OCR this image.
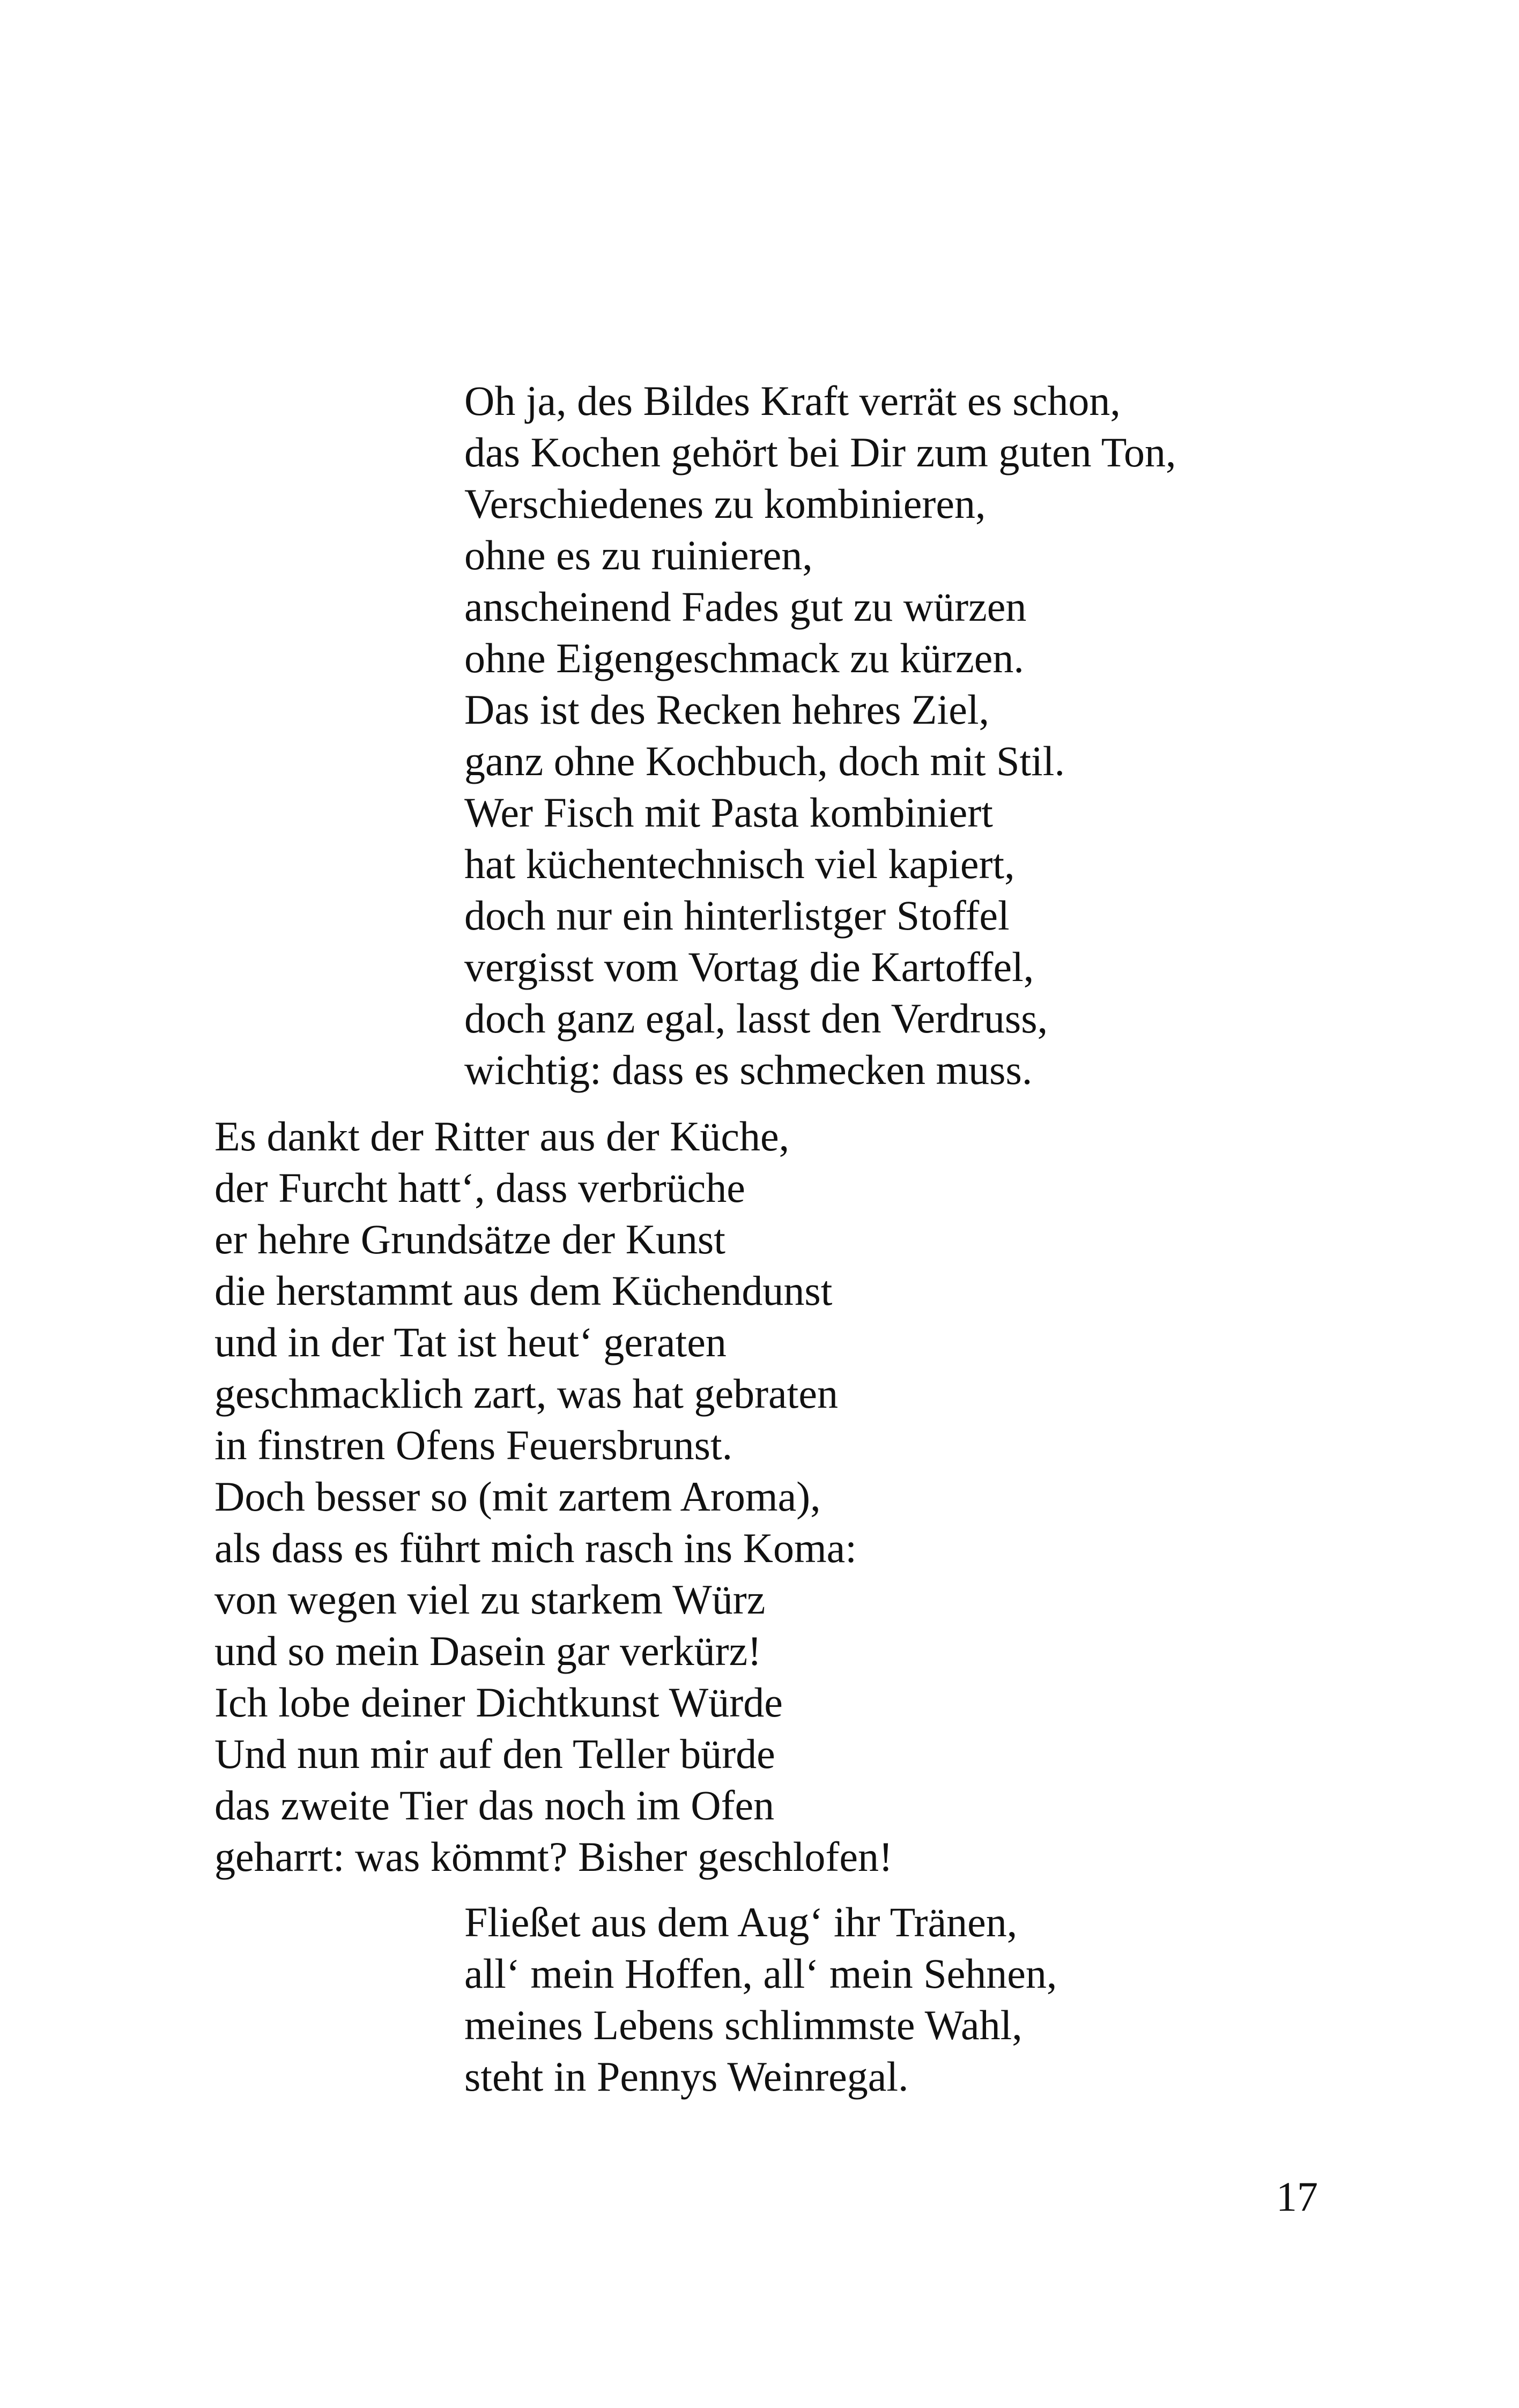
Oh ja, des Bildes Kraft verrät es schon,
das Kochen gehört bei Dir zum guten Ton,
Verschiedenes zu kombinieren,
ohne es zu ruinieren,
anscheinend Fades gut zu würzen
ohne Eigengeschmack zu kürzen.
Das ist des Recken hehres Ziel,
ganz ohne Kochbuch, doch mit Stil.
Wer Fisch mit Pasta kombiniert
hat küchentechnisch viel kapiert,
doch nur ein hinterlistger Stoffel
vergisst vom Vortag die Kartoffel,
doch ganz egal, lasst den Verdruss,
wichtig: dass es schmecken muss.
Es dankt der Ritter aus der Küche,
der Furcht hatt‘, dass verbrüche
er hehre Grundsätze der Kunst
die herstammt aus dem Küchendunst
und in der Tat ist heut‘ geraten
geschmacklich zart, was hat gebraten
in finstren Ofens Feuersbrunst.
Doch besser so (mit zartem Aroma),
als dass es führt mich rasch ins Koma:
von wegen viel zu starkem Würz
und so mein Dasein gar verkürz!
Ich lobe deiner Dichtkunst Würde
Und nun mir auf den Teller bürde
das zweite Tier das noch im Ofen
geharrt: was kömmt? Bisher geschlofen!
Fließet aus dem Aug‘ ihr Tränen,
all‘ mein Hoffen, all‘ mein Sehnen,
meines Lebens schlimmste Wahl,
steht in Pennys Weinregal.
17
